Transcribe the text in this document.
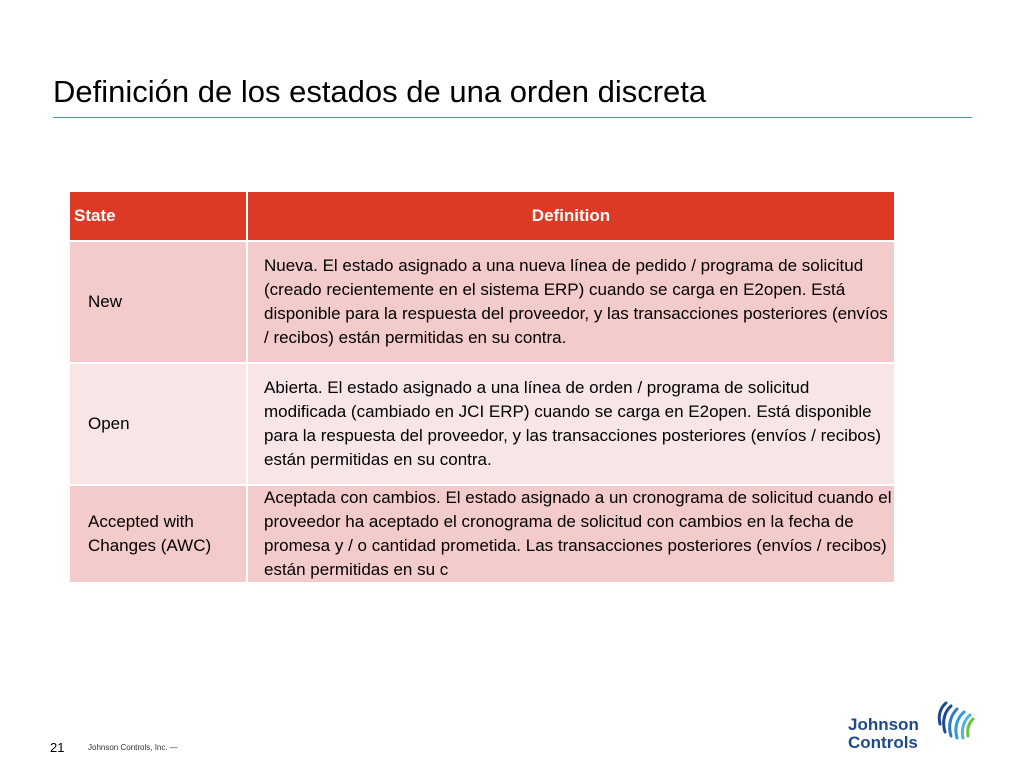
Definición de los estados de una orden discreta
State	Definition
New	Nueva. El estado asignado a una nueva línea de pedido / programa de solicitud (creado recientemente en el sistema ERP) cuando se carga en E2open. Está disponible para la respuesta del proveedor, y las transacciones posteriores (envíos / recibos) están permitidas en su contra.
Open	Abierta. El estado asignado a una línea de orden / programa de solicitud modificada (cambiado en JCI ERP) cuando se carga en E2open. Está disponible para la respuesta del proveedor, y las transacciones posteriores (envíos / recibos) están permitidas en su contra.
Accepted with Changes (AWC)	Aceptada con cambios. El estado asignado a un cronograma de solicitud cuando el proveedor ha aceptado el cronograma de solicitud con cambios en la fecha de promesa y / o cantidad prometida. Las transacciones posteriores (envíos / recibos) están permitidas en su c
21	Johnson Controls, Inc. —
Johnson
Controls
